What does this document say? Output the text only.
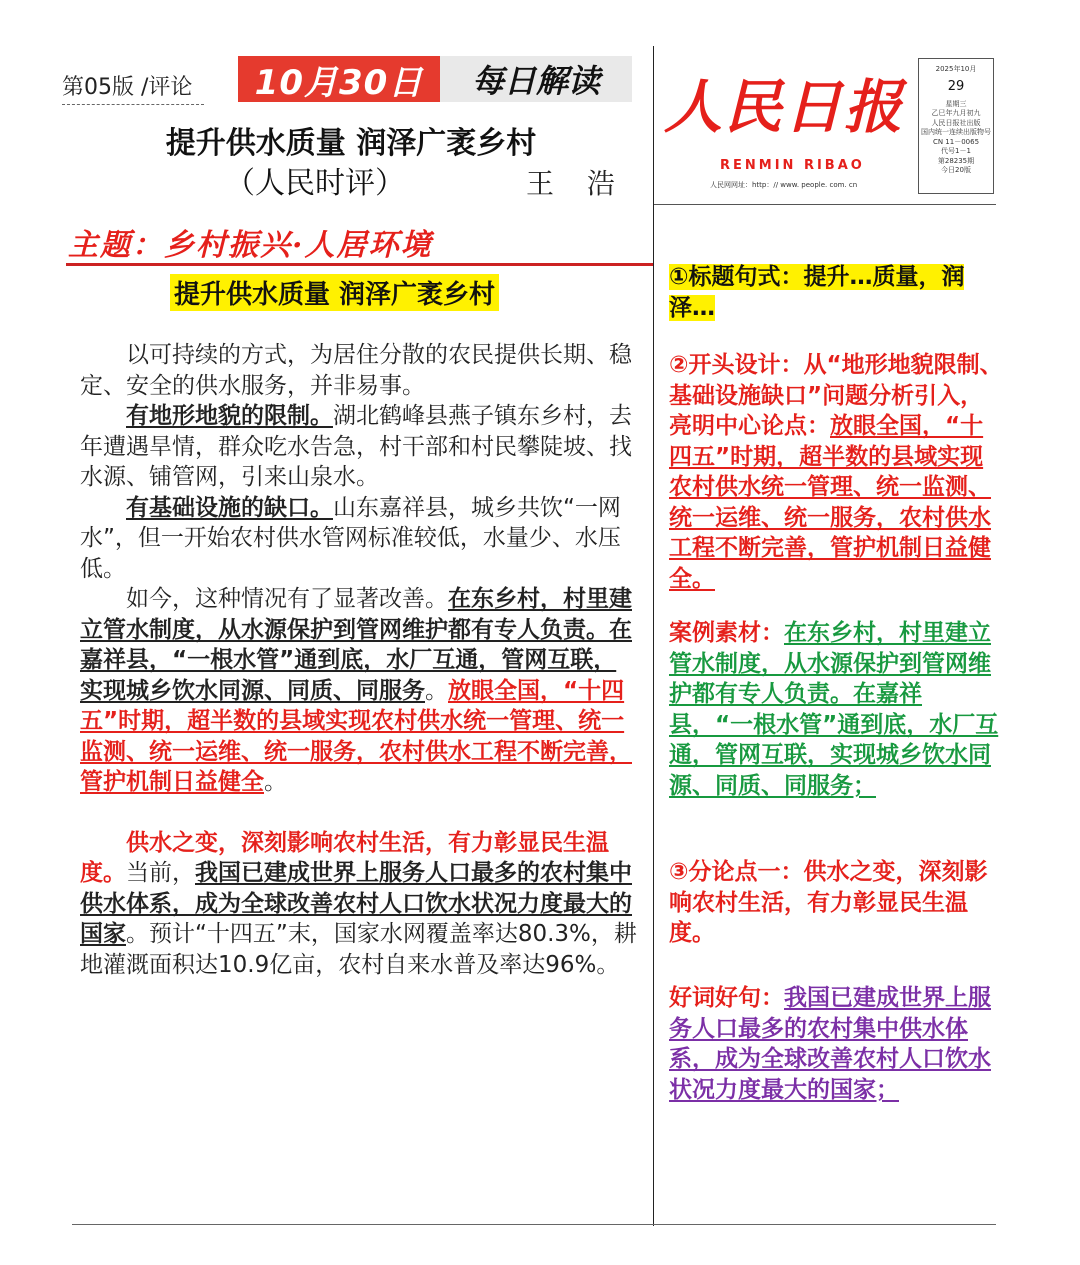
第05版 /评论	10月30日	每日解读
提升供水质量 润泽广袤乡村
（人民时评）	王 浩
人民日报
RENMIN RIBAO
人民网网址：http：// www. people. com. cn
2025年10月
29
星期三
乙巳年九月初九
人民日报社出版
国内统一连续出版物号
CN 11－0065
代号1－1
第28235期
今日20版
主题：乡村振兴·人居环境
提升供水质量 润泽广袤乡村

以可持续的方式，为居住分散的农民提供长期、稳定、安全的供水服务，并非易事。

有地形地貌的限制。湖北鹤峰县燕子镇东乡村，去年遭遇旱情，群众吃水告急，村干部和村民攀陡坡、找水源、铺管网，引来山泉水。

有基础设施的缺口。山东嘉祥县，城乡共饮“一网水”，但一开始农村供水管网标准较低，水量少、水压低。

如今，这种情况有了显著改善。在东乡村，村里建立管水制度，从水源保护到管网维护都有专人负责。在嘉祥县，“一根水管”通到底，水厂互通，管网互联，实现城乡饮水同源、同质、同服务。放眼全国，“十四五”时期，超半数的县域实现农村供水统一管理、统一监测、统一运维、统一服务，农村供水工程不断完善，管护机制日益健全。

供水之变，深刻影响农村生活，有力彰显民生温度。当前，我国已建成世界上服务人口最多的农村集中供水体系，成为全球改善农村人口饮水状况力度最大的国家。预计“十四五”末，国家水网覆盖率达80.3%，耕地灌溉面积达10.9亿亩，农村自来水普及率达96%。

①标题句式：提升…质量，润泽…
②开头设计：从“地形地貌限制、基础设施缺口”问题分析引入，亮明中心论点：放眼全国，“十四五”时期，超半数的县域实现农村供水统一管理、统一监测、统一运维、统一服务，农村供水工程不断完善，管护机制日益健全。
案例素材：在东乡村，村里建立管水制度，从水源保护到管网维护都有专人负责。在嘉祥县，“一根水管”通到底，水厂互通，管网互联，实现城乡饮水同源、同质、同服务；
③分论点一：供水之变，深刻影响农村生活，有力彰显民生温度。
好词好句：我国已建成世界上服务人口最多的农村集中供水体系，成为全球改善农村人口饮水状况力度最大的国家；
